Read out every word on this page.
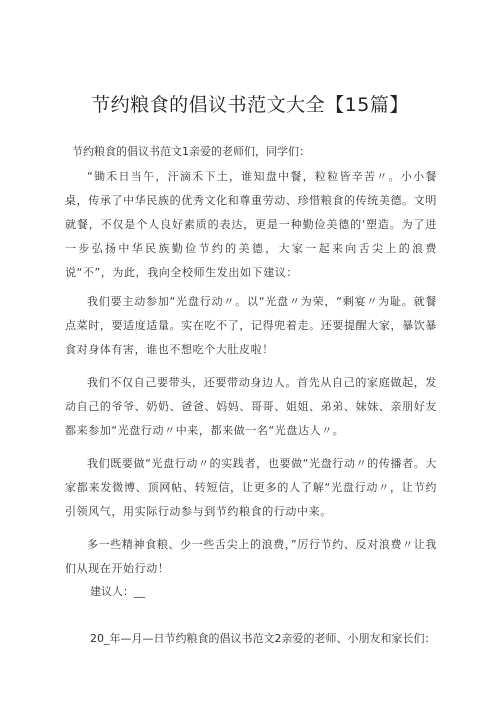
节约粮食的倡议书范文大全【15篇】
节约粮食的倡议书范文1亲爱的老师们，同学们：

“锄禾日当午，汗滴禾下土，谁知盘中餐，粒粒皆辛苦〃。小小餐桌，传承了中华民族的优秀文化和尊重劳动、珍惜粮食的传统美德。文明就餐，不仅是个人良好素质的表达，更是一种勤俭美德的'塑造。为了进一步弘扬中华民族勤俭节约的美德，大家一起来向舌尖上的浪费说“不”，为此，我向全校师生发出如下建议：

我们要主动参加“光盘行动〃。以“光盘〃为荣，“剩宴〃为耻。就餐点菜时，要适度适量。实在吃不了，记得兜着走。还要提醒大家，暴饮暴食对身体有害，谁也不想吃个大肚皮啦！

我们不仅自己要带头，还要带动身边人。首先从自己的家庭做起，发动自己的爷爷、奶奶、爸爸、妈妈、哥哥、姐姐、弟弟、妹妹、亲朋好友都来参加“光盘行动〃中来，都来做一名“光盘达人〃。

我们既要做“光盘行动〃的实践者，也要做“光盘行动〃的传播者。大家都来发微博、顶网帖、转短信，让更多的人了解“光盘行动〃，让节约引领风气，用实际行动参与到节约粮食的行动中来。

多一些精神食粮、少一些舌尖上的浪费，”厉行节约、反对浪费〃让我们从现在开始行动！

建议人：__
20_年—月—日节约粮食的倡议书范文2亲爱的老师、小朋友和家长们：
